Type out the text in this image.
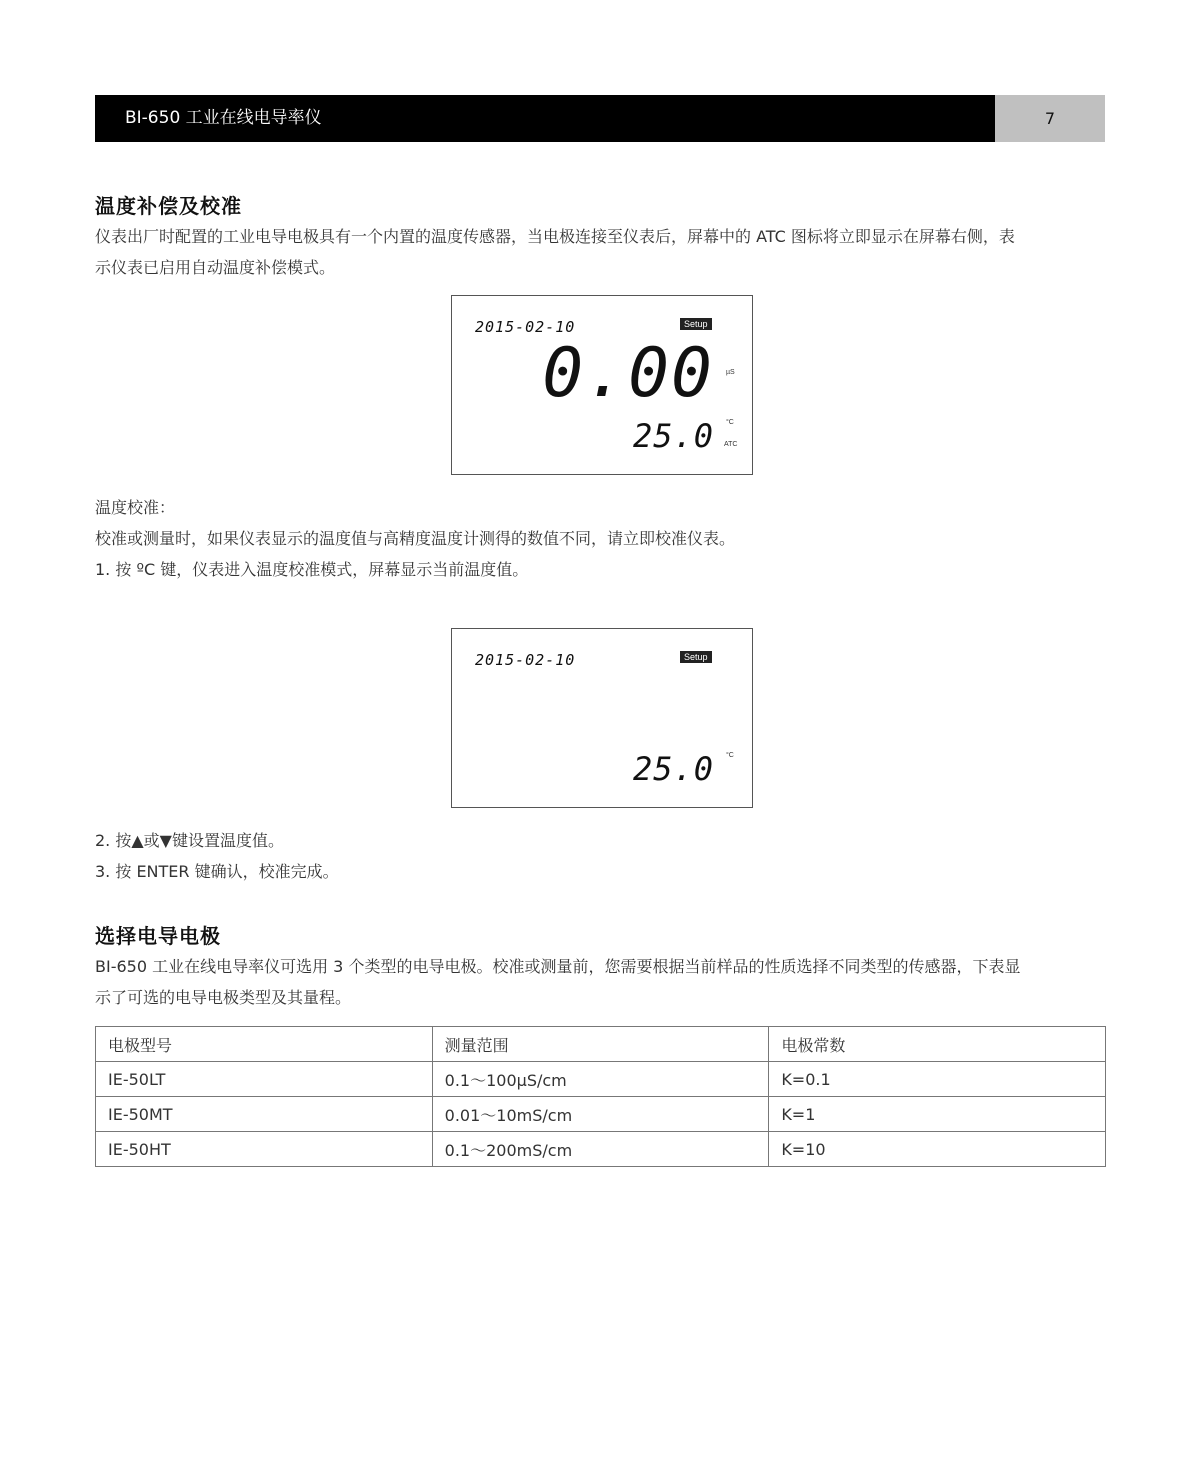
BI-650 工业在线电导率仪	7
温度补偿及校准
仪表出厂时配置的工业电导电极具有一个内置的温度传感器，当电极连接至仪表后，屏幕中的 ATC 图标将立即显示在屏幕右侧，表
示仪表已启用自动温度补偿模式。
2015-02-10	Setup
0.00 µS
25.0 °C
ATC
温度校准：
校准或测量时，如果仪表显示的温度值与高精度温度计测得的数值不同，请立即校准仪表。
1. 按 ºC 键，仪表进入温度校准模式，屏幕显示当前温度值。
2015-02-10	Setup
25.0 °C
2. 按▲或▼键设置温度值。
3. 按 ENTER 键确认，校准完成。
选择电导电极
BI-650 工业在线电导率仪可选用 3 个类型的电导电极。校准或测量前，您需要根据当前样品的性质选择不同类型的传感器，下表显
示了可选的电导电极类型及其量程。
电极型号	测量范围	电极常数
IE-50LT	0.1～100µS/cm	K=0.1
IE-50MT	0.01～10mS/cm	K=1
IE-50HT	0.1～200mS/cm	K=10
